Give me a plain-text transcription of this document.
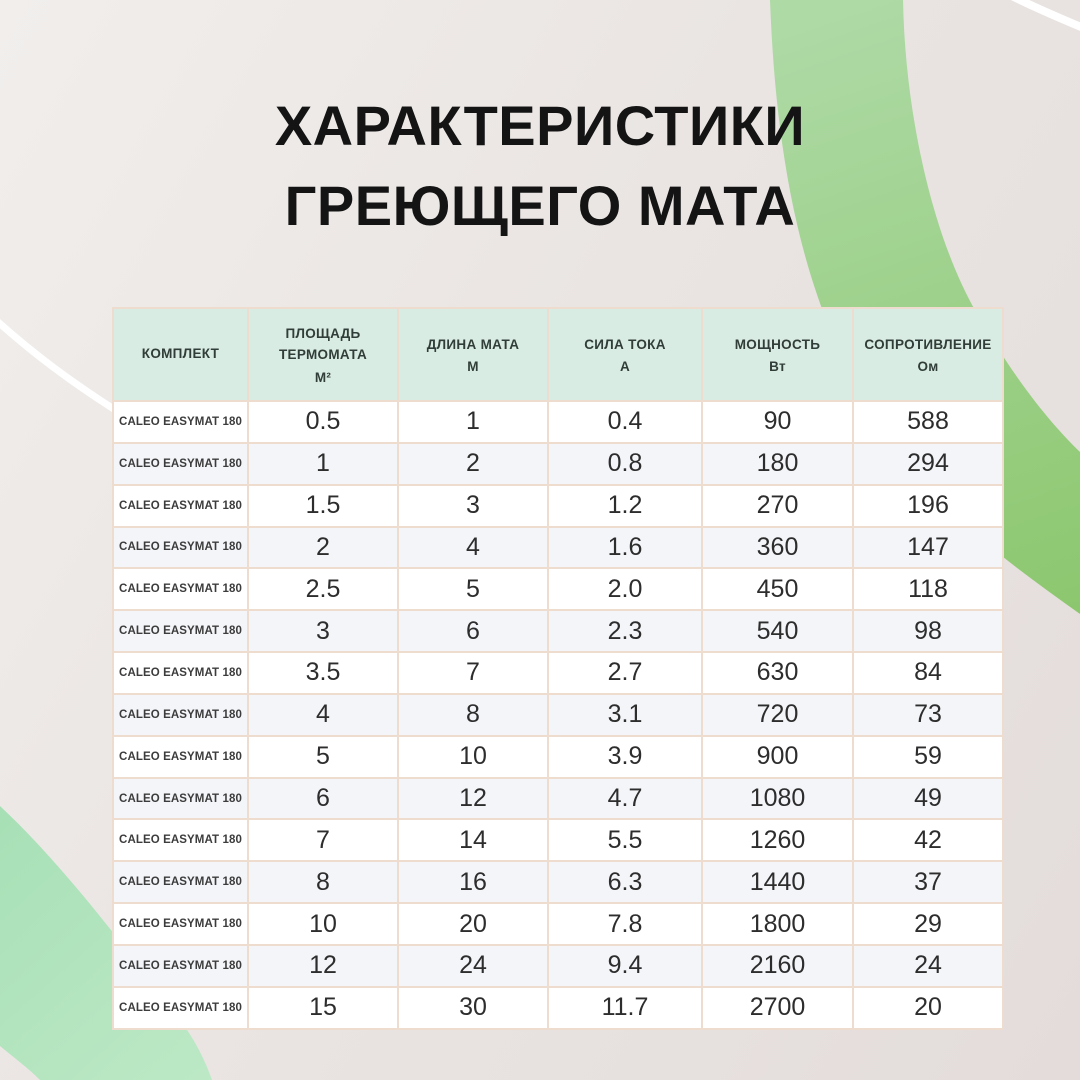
ХАРАКТЕРИСТИКИ
ГРЕЮЩЕГО МАТА
КОМПЛЕКТ

ПЛОЩАДЬ ТЕРМОМАТА
М²

ДЛИНА МАТА
М

СИЛА ТОКА
А

МОЩНОСТЬ
Вт

СОПРОТИВЛЕНИЕ
Ом

CALEO EASYMAT 180	0.5	1	0.4	90	588
CALEO EASYMAT 180	1	2	0.8	180	294
CALEO EASYMAT 180	1.5	3	1.2	270	196
CALEO EASYMAT 180	2	4	1.6	360	147
CALEO EASYMAT 180	2.5	5	2.0	450	118
CALEO EASYMAT 180	3	6	2.3	540	98
CALEO EASYMAT 180	3.5	7	2.7	630	84
CALEO EASYMAT 180	4	8	3.1	720	73
CALEO EASYMAT 180	5	10	3.9	900	59
CALEO EASYMAT 180	6	12	4.7	1080	49
CALEO EASYMAT 180	7	14	5.5	1260	42
CALEO EASYMAT 180	8	16	6.3	1440	37
CALEO EASYMAT 180	10	20	7.8	1800	29
CALEO EASYMAT 180	12	24	9.4	2160	24
CALEO EASYMAT 180	15	30	11.7	2700	20
